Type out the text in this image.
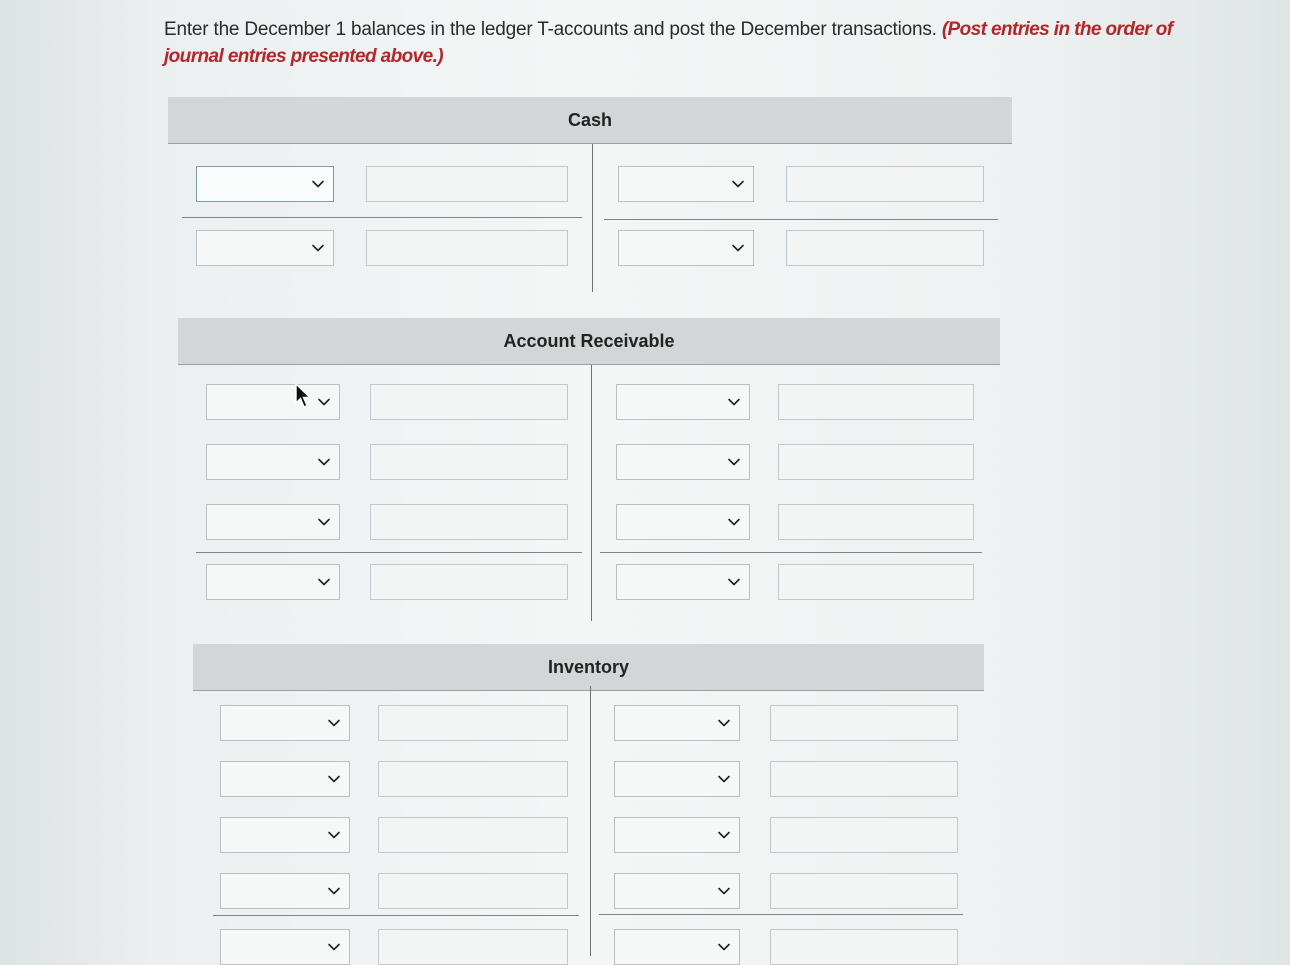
Enter the December 1 balances in the ledger T-accounts and post the December transactions. (Post entries in the order of journal entries presented above.)
Cash
Account Receivable
Inventory
